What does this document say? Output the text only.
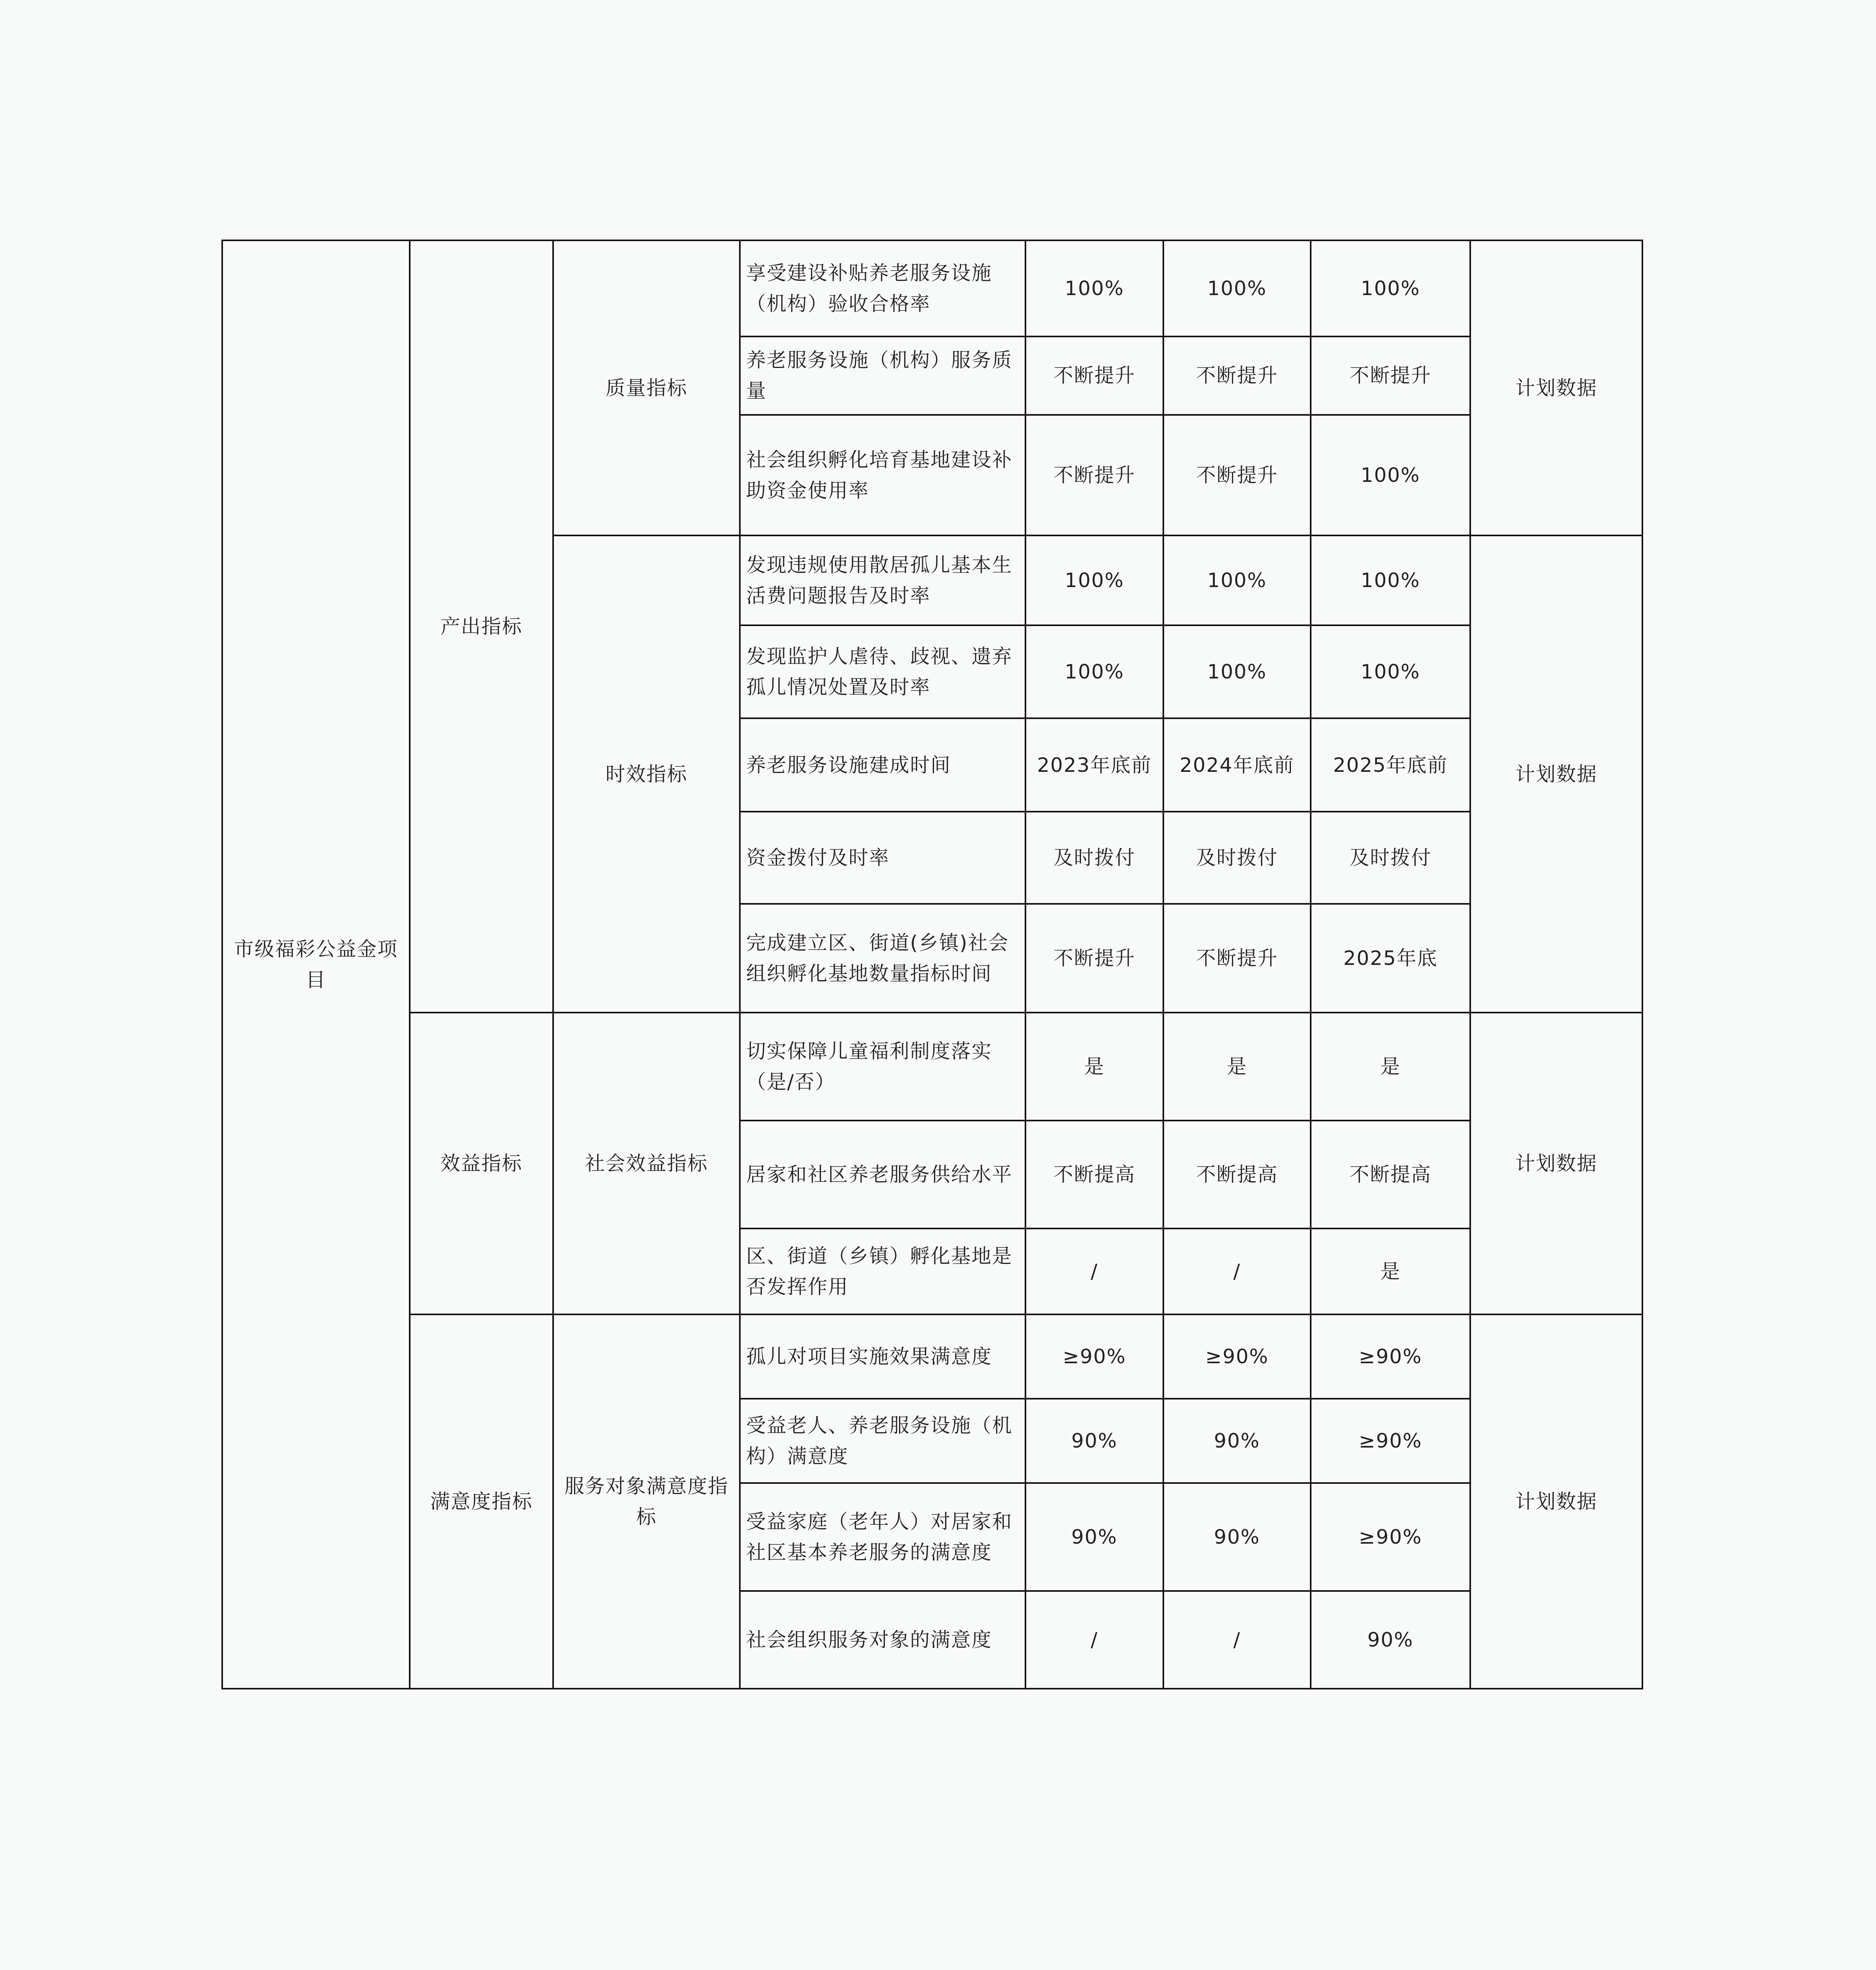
市级福彩公益金项目	产出指标	质量指标	享受建设补贴养老服务设施（机构）验收合格率	100%	100%	100%	计划数据
			养老服务设施（机构）服务质量	不断提升	不断提升	不断提升	
			社会组织孵化培育基地建设补助资金使用率	不断提升	不断提升	100%	
		时效指标	发现违规使用散居孤儿基本生活费问题报告及时率	100%	100%	100%	计划数据
			发现监护人虐待、歧视、遗弃孤儿情况处置及时率	100%	100%	100%	
			养老服务设施建成时间	2023年底前	2024年底前	2025年底前	
			资金拨付及时率	及时拨付	及时拨付	及时拨付	
			完成建立区、街道(乡镇)社会组织孵化基地数量指标时间	不断提升	不断提升	2025年底	
	效益指标	社会效益指标	切实保障儿童福利制度落实（是/否）	是	是	是	计划数据
			居家和社区养老服务供给水平	不断提高	不断提高	不断提高	
			区、街道（乡镇）孵化基地是否发挥作用	/	/	是	
	满意度指标	服务对象满意度指标	孤儿对项目实施效果满意度	≥90%	≥90%	≥90%	计划数据
			受益老人、养老服务设施（机构）满意度	90%	90%	≥90%	
			受益家庭（老年人）对居家和社区基本养老服务的满意度	90%	90%	≥90%	
			社会组织服务对象的满意度	/	/	90%	
